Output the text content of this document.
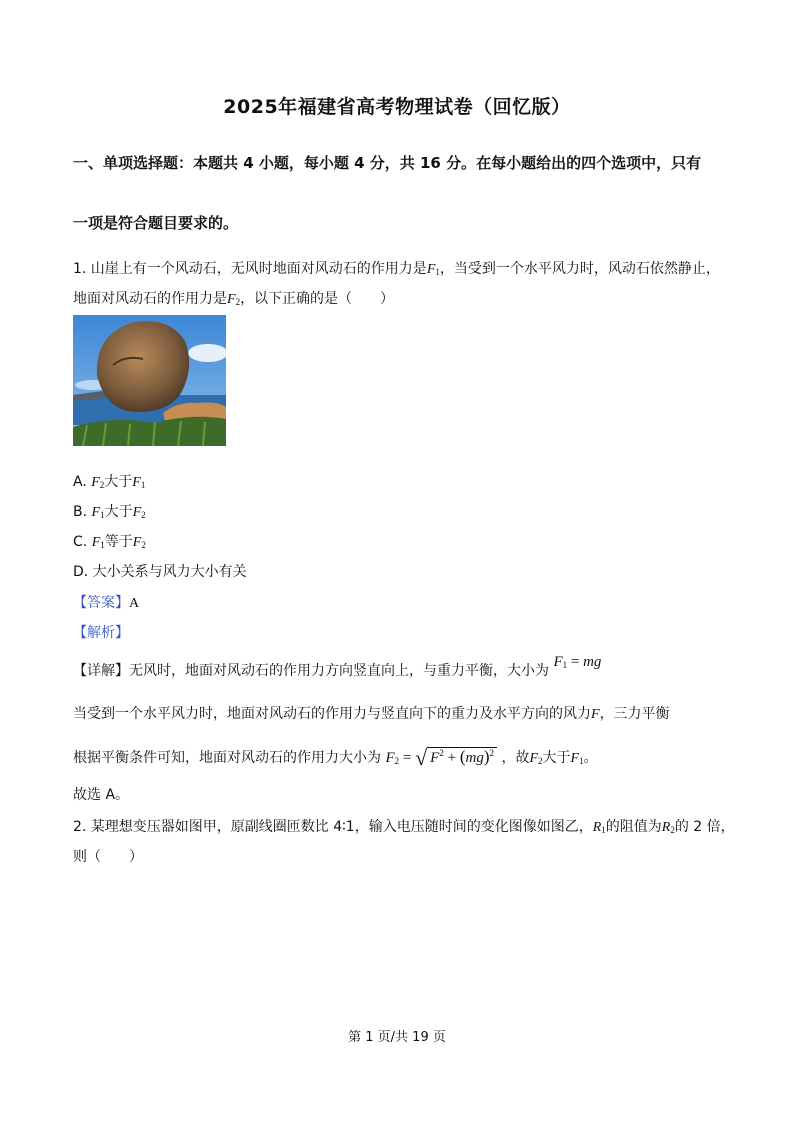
2025年福建省高考物理试卷（回忆版）
一、单项选择题：本题共 4 小题，每小题 4 分，共 16 分。在每小题给出的四个选项中，只有
一项是符合题目要求的。
1. 山崖上有一个风动石，无风时地面对风动石的作用力是$F_1$，当受到一个水平风力时，风动石依然静止，
地面对风动石的作用力是$F_2$，以下正确的是（　　）
A. $F_2$大于$F_1$
B. $F_1$大于$F_2$
C. $F_1$等于$F_2$
D. 大小关系与风力大小有关
【答案】A
【解析】
【详解】无风时，地面对风动石的作用力方向竖直向上，与重力平衡，大小为 $F_1$ = mg
当受到一个水平风力时，地面对风动石的作用力与竖直向下的重力及水平方向的风力F，三力平衡
根据平衡条件可知，地面对风动石的作用力大小为 $F_2$ = √ $F^2 + (mg)^2$ ，故$F_2$大于$F_1$。
故选 A。
2. 某理想变压器如图甲，原副线圈匝数比 4∶1，输入电压随时间的变化图像如图乙，$R_1$的阻值为$R_2$的 2 倍，
则（　　）
第 1 页/共 19 页
